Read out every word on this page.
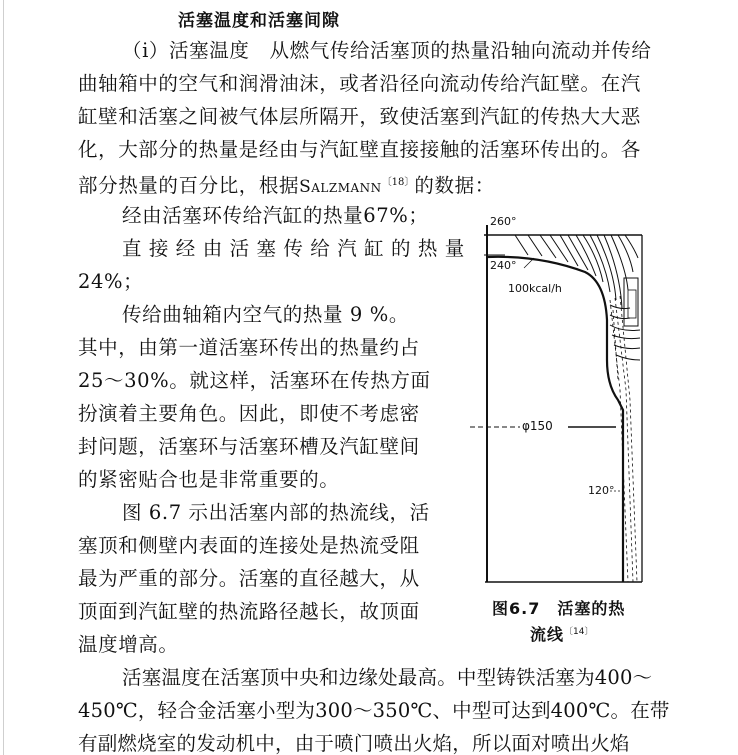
活塞温度和活塞间隙
（ⅰ）活塞温度  从燃气传给活塞顶的热量沿轴向流动并传给
曲轴箱中的空气和润滑油沫，或者沿径向流动传给汽缸壁。在汽
缸壁和活塞之间被气体层所隔开，致使活塞到汽缸的传热大大恶
化，大部分的热量是经由与汽缸壁直接接触的活塞环传出的。各
部分热量的百分比，根据Salzmann$^{〔18〕}$的数据：
经由活塞环传给汽缸的热量67%；
直接经由活塞传给汽缸的热量
24%；
传给曲轴箱内空气的热量 9 %。
其中，由第一道活塞环传出的热量约占
25～30%。就这样，活塞环在传热方面
扮演着主要角色。因此，即使不考虑密
封问题，活塞环与活塞环槽及汽缸壁间
的紧密贴合也是非常重要的。
图 6.7 示出活塞内部的热流线，活
塞顶和侧壁内表面的连接处是热流受阻
最为严重的部分。活塞的直径越大，从
顶面到汽缸壁的热流路径越长，故顶面
温度增高。
活塞温度在活塞顶中央和边缘处最高。中型铸铁活塞为400～
450℃，轻合金活塞小型为300～350℃、中型可达到400℃。在带
有副燃烧室的发动机中，由于喷门喷出火焰，所以面对喷出火焰
260°
240°
100kcal/h
φ150
120°
图6.7　活塞的热
流线$^{〔14〕}$
